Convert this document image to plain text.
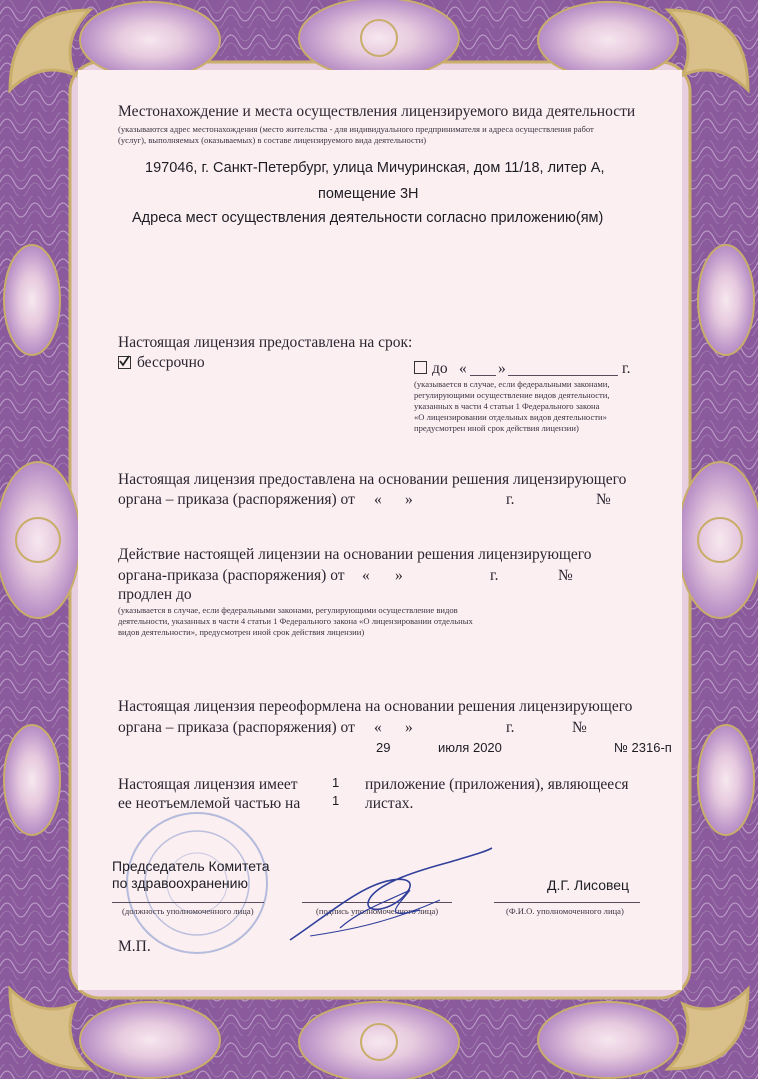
Местонахождение и места осуществления лицензируемого вида деятельности
(указываются адрес местонахождения (место жительства - для индивидуального предпринимателя и адреса осуществления работ
(услуг), выполняемых (оказываемых) в составе лицензируемого вида деятельности)
197046, г. Санкт-Петербург, улица Мичуринская, дом 11/18, литер А,
помещение 3Н
Адреса мест осуществления деятельности согласно приложению(ям)
Настоящая лицензия предоставлена на срок:
бессрочно	до « »	г.
(указывается в случае, если федеральными законами,
регулирующими осуществление видов деятельности,
указанных в части 4 статьи 1 Федерального закона
«О лицензировании отдельных видов деятельности»
предусмотрен иной срок действия лицензии)
Настоящая лицензия предоставлена на основании решения лицензирующего
органа – приказа (распоряжения) от « »	г.	№
Действие настоящей лицензии на основании решения лицензирующего
органа-приказа (распоряжения) от « »	г.	№
продлен до
(указывается в случае, если федеральными законами, регулирующими осуществление видов
деятельности, указанных в части 4 статьи 1 Федерального закона «О лицензировании отдельных
видов деятельности», предусмотрен иной срок действия лицензии)
Настоящая лицензия переоформлена на основании решения лицензирующего
органа – приказа (распоряжения) от « »	г.	№
29	июля 2020	№ 2316-п
Настоящая лицензия имеет	1 приложение (приложения), являющееся
ее неотъемлемой частью на 1 листах.
Председатель Комитета
по здравоохранению	Д.Г. Лисовец
(должность уполномоченного лица)	(подпись уполномоченного лица)	(Ф.И.О. уполномоченного лица)
М.П.
